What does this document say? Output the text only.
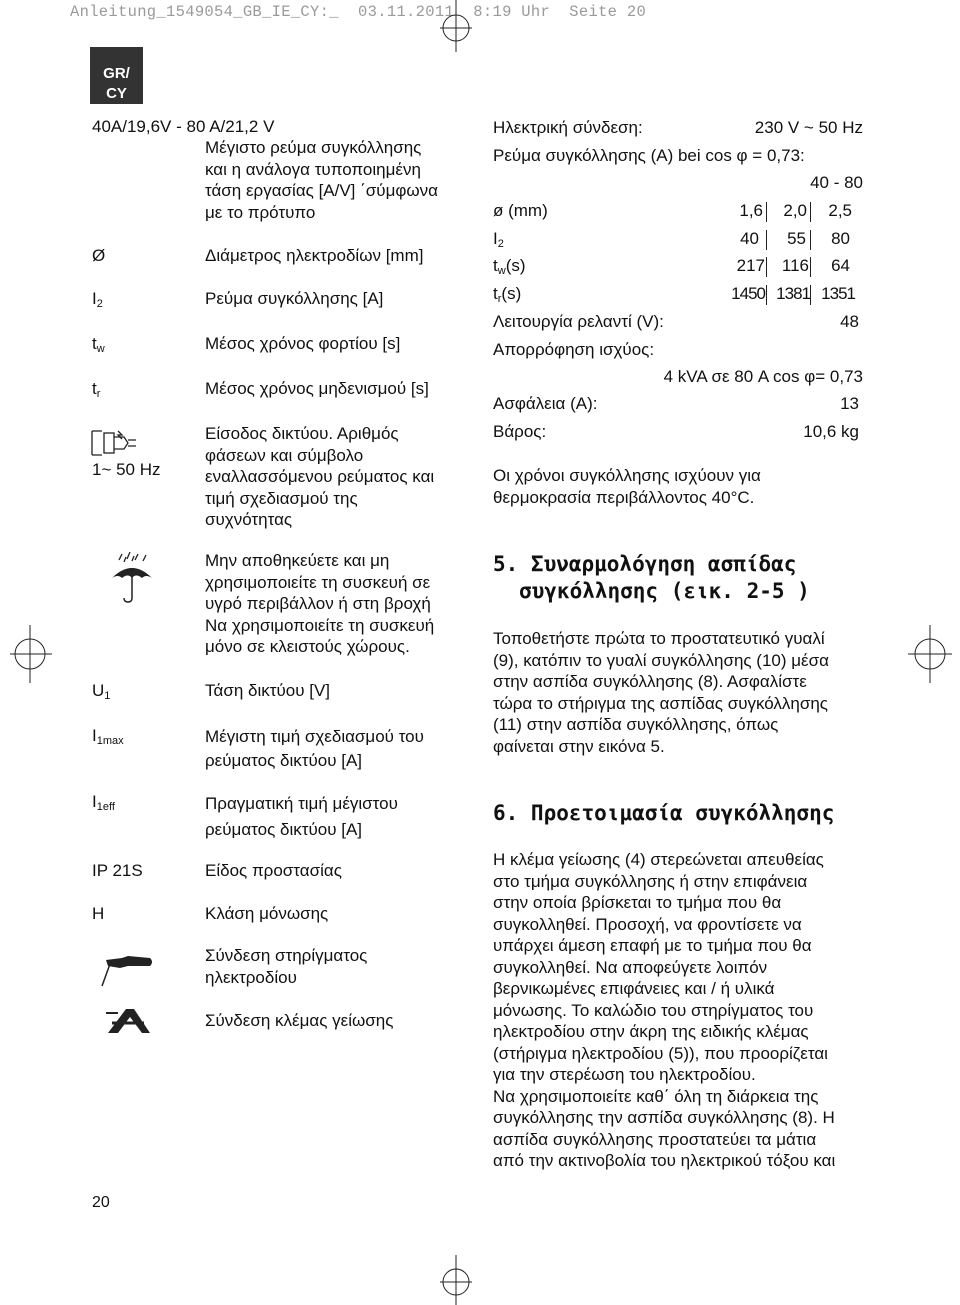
Anleitung_1549054_GB_IE_CY:_  03.11.2011  8:19 Uhr  Seite 20
GR/
CY
40A/19,6V - 80 A/21,2 V
Μέγιστο ρεύμα συγκόλλησης
και η ανάλογα τυποποιημένη
τάση εργασίας [A/V] ΄σύμφωνα
με το πρότυπο
Ø	Διάμετρος ηλεκτροδίων [mm]
$I_2$	Ρεύμα συγκόλλησης [A]
$t_w$	Μέσος χρόνος φορτίου [s]
$t_r$	Μέσος χρόνος μηδενισμού [s]
1~ 50 Hz
Είσοδος δικτύου. Αριθμός
φάσεων και σύμβολο
εναλλασσόμενου ρεύματος και
τιμή σχεδιασμού της
συχνότητας
Μην αποθηκεύετε και μη
χρησιμοποιείτε τη συσκευή σε
υγρό περιβάλλον ή στη βροχή
Να χρησιμοποιείτε τη συσκευή
μόνο σε κλειστούς χώρους.
$U_1$	Τάση δικτύου [V]
$I_{1max}$	Μέγιστη τιμή σχεδιασμού του
ρεύματος δικτύου [A]
$I_{1eff}$	Πραγματική τιμή μέγιστου
ρεύματος δικτύου [A]
IP 21S	Είδος προστασίας
H	Κλάση μόνωσης
Σύνδεση στηρίγματος
ηλεκτροδίου
Σύνδεση κλέμας γείωσης
20
Ηλεκτρική σύνδεση:	230 V ~ 50 Hz
Ρεύμα συγκόλλησης (A) bei cos φ = 0,73:
40 - 80
ø (mm)	1,6 2,0 2,5
$I_2$	40 55 80
$t_w(s)$	217 116 64
$t_r(s)$	1450 1381 1351
Λειτουργία ρελαντί (V):	48
Απορρόφηση ισχύος:
4 kVA σε 80 A cos φ= 0,73
Ασφάλεια (A):	13
Βάρος:	10,6 kg
Οι χρόνοι συγκόλλησης ισχύουν για
θερμοκρασία περιβάλλοντος 40°C.
5. Συναρμολόγηση ασπίδας
συγκόλλησης (εικ. 2-5 )
Τοποθετήστε πρώτα το προστατευτικό γυαλί
(9), κατόπιν το γυαλί συγκόλλησης (10) μέσα
στην ασπίδα συγκόλλησης (8). Ασφαλίστε
τώρα το στήριγμα της ασπίδας συγκόλλησης
(11) στην ασπίδα συγκόλλησης, όπως
φαίνεται στην εικόνα 5.
6. Προετοιμασία συγκόλλησης
Η κλέμα γείωσης (4) στερεώνεται απευθείας
στο τμήμα συγκόλλησης ή στην επιφάνεια
στην οποία βρίσκεται το τμήμα που θα
συγκολληθεί. Προσοχή, να φροντίσετε να
υπάρχει άμεση επαφή με το τμήμα που θα
συγκολληθεί. Να αποφεύγετε λοιπόν
βερνικωμένες επιφάνειες και / ή υλικά
μόνωσης. Το καλώδιο του στηρίγματος του
ηλεκτροδίου στην άκρη της ειδικής κλέμας
(στήριγμα ηλεκτροδίου (5)), που προορίζεται
για την στερέωση του ηλεκτροδίου.
Να χρησιμοποιείτε καθ΄ όλη τη διάρκεια της
συγκόλλησης την ασπίδα συγκόλλησης (8). Η
ασπίδα συγκόλλησης προστατεύει τα μάτια
από την ακτινοβολία του ηλεκτρικού τόξου και
